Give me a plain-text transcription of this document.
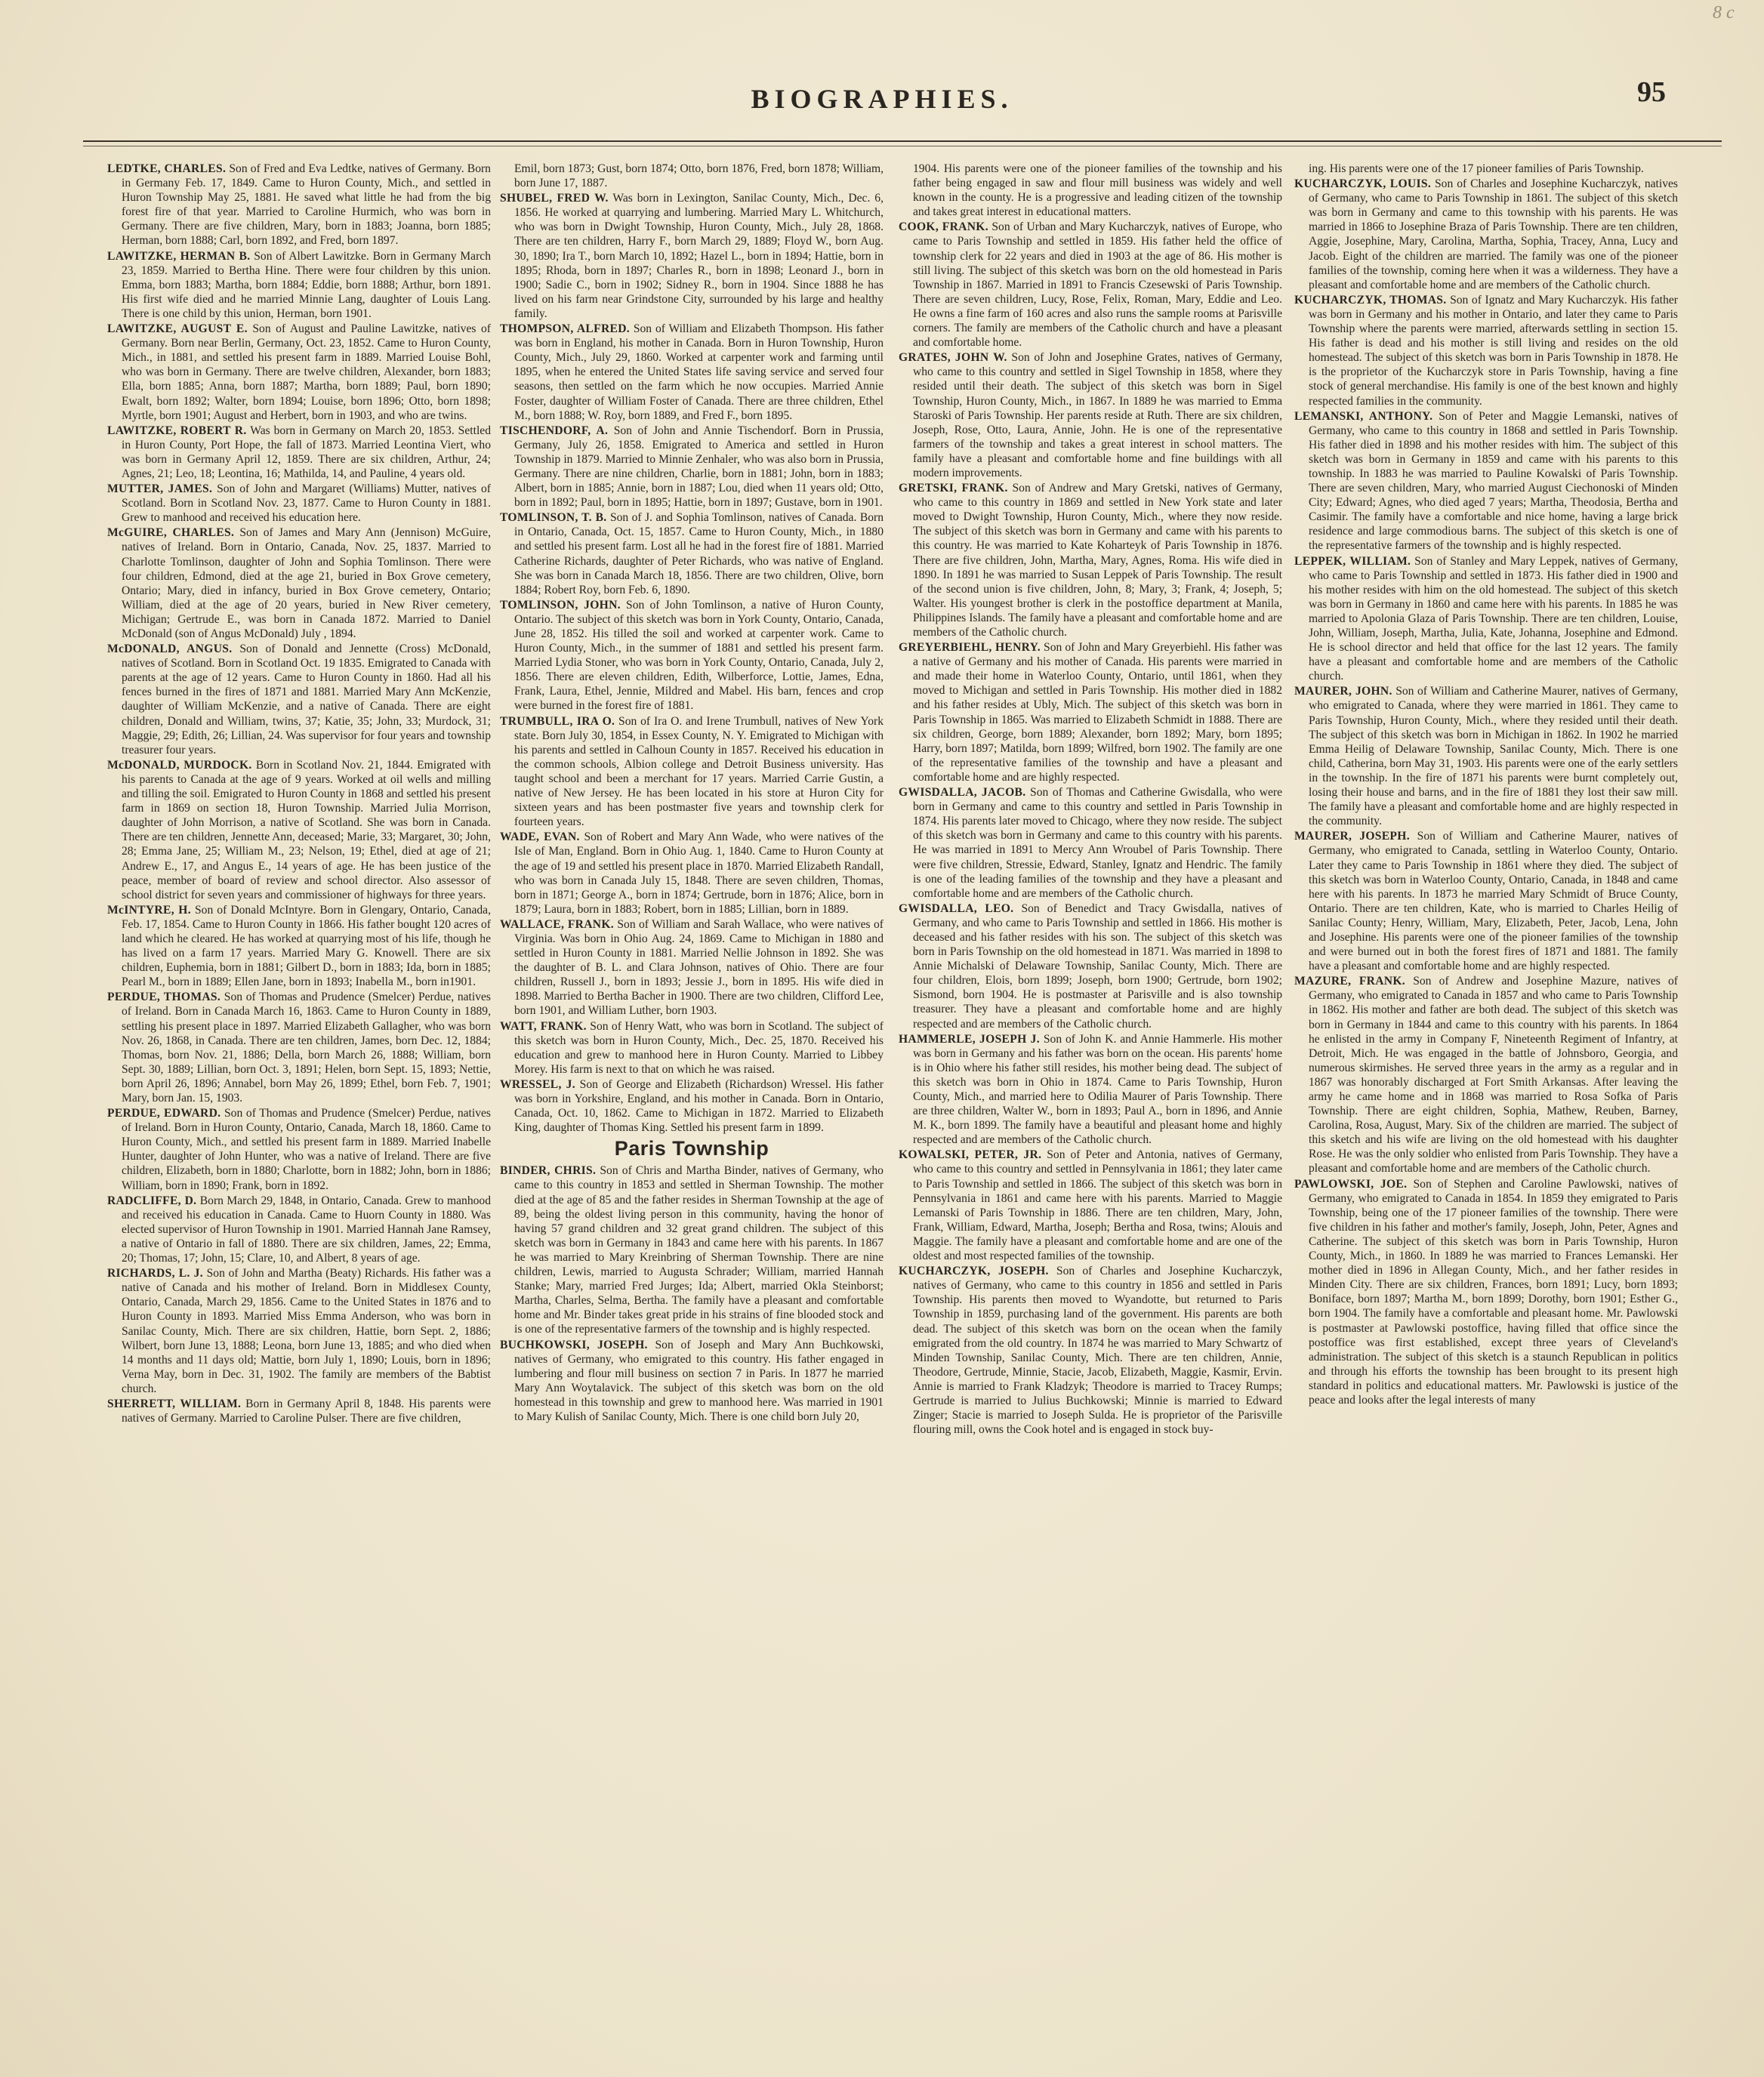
8 c
BIOGRAPHIES.	95
LEDTKE, CHARLES. Son of Fred and Eva Ledtke, natives of Germany. Born in Germany Feb. 17, 1849. Came to Huron County, Mich., and settled in Huron Township May 25, 1881. He saved what little he had from the big forest fire of that year. Married to Caroline Hurmich, who was born in Germany. There are five children, Mary, born in 1883; Joanna, born 1885; Herman, born 1888; Carl, born 1892, and Fred, born 1897.
LAWITZKE, HERMAN B. Son of Albert Lawitzke. Born in Germany March 23, 1859. Married to Bertha Hine. There were four children by this union. Emma, born 1883; Martha, born 1884; Eddie, born 1888; Arthur, born 1891. His first wife died and he married Minnie Lang, daughter of Louis Lang. There is one child by this union, Herman, born 1901.
LAWITZKE, AUGUST E. Son of August and Pauline Lawitzke, natives of Germany. Born near Berlin, Germany, Oct. 23, 1852. Came to Huron County, Mich., in 1881, and settled his present farm in 1889. Married Louise Bohl, who was born in Germany. There are twelve children, Alexander, born 1883; Ella, born 1885; Anna, born 1887; Martha, born 1889; Paul, born 1890; Ewalt, born 1892; Walter, born 1894; Louise, born 1896; Otto, born 1898; Myrtle, born 1901; August and Herbert, born in 1903, and who are twins.
LAWITZKE, ROBERT R. Was born in Germany on March 20, 1853. Settled in Huron County, Port Hope, the fall of 1873. Married Leontina Viert, who was born in Germany April 12, 1859. There are six children, Arthur, 24; Agnes, 21; Leo, 18; Leontina, 16; Mathilda, 14, and Pauline, 4 years old.
MUTTER, JAMES. Son of John and Margaret (Williams) Mutter, natives of Scotland. Born in Scotland Nov. 23, 1877. Came to Huron County in 1881. Grew to manhood and received his education here.
McGUIRE, CHARLES. Son of James and Mary Ann (Jennison) McGuire, natives of Ireland. Born in Ontario, Canada, Nov. 25, 1837. Married to Charlotte Tomlinson, daughter of John and Sophia Tomlinson. There were four children, Edmond, died at the age 21, buried in Box Grove cemetery, Ontario; Mary, died in infancy, buried in Box Grove cemetery, Ontario; William, died at the age of 20 years, buried in New River cemetery, Michigan; Gertrude E., was born in Canada 1872. Married to Daniel McDonald (son of Angus McDonald) July , 1894.
McDONALD, ANGUS. Son of Donald and Jennette (Cross) McDonald, natives of Scotland. Born in Scotland Oct. 19 1835. Emigrated to Canada with parents at the age of 12 years. Came to Huron County in 1860. Had all his fences burned in the fires of 1871 and 1881. Married Mary Ann McKenzie, daughter of William McKenzie, and a native of Canada. There are eight children, Donald and William, twins, 37; Katie, 35; John, 33; Murdock, 31; Maggie, 29; Edith, 26; Lillian, 24. Was supervisor for four years and township treasurer four years.
McDONALD, MURDOCK. Born in Scotland Nov. 21, 1844. Emigrated with his parents to Canada at the age of 9 years. Worked at oil wells and milling and tilling the soil. Emigrated to Huron County in 1868 and settled his present farm in 1869 on section 18, Huron Township. Married Julia Morrison, daughter of John Morrison, a native of Scotland. She was born in Canada. There are ten children, Jennette Ann, deceased; Marie, 33; Margaret, 30; John, 28; Emma Jane, 25; William M., 23; Nelson, 19; Ethel, died at age of 21; Andrew E., 17, and Angus E., 14 years of age. He has been justice of the peace, member of board of review and school director. Also assessor of school district for seven years and commissioner of highways for three years.
McINTYRE, H. Son of Donald McIntyre. Born in Glengary, Ontario, Canada, Feb. 17, 1854. Came to Huron County in 1866. His father bought 120 acres of land which he cleared. He has worked at quarrying most of his life, though he has lived on a farm 17 years. Married Mary G. Knowell. There are six children, Euphemia, born in 1881; Gilbert D., born in 1883; Ida, born in 1885; Pearl M., born in 1889; Ellen Jane, born in 1893; Inabella M., born in1901.
PERDUE, THOMAS. Son of Thomas and Prudence (Smelcer) Perdue, natives of Ireland. Born in Canada March 16, 1863. Came to Huron County in 1889, settling his present place in 1897. Married Elizabeth Gallagher, who was born Nov. 26, 1868, in Canada. There are ten children, James, born Dec. 12, 1884; Thomas, born Nov. 21, 1886; Della, born March 26, 1888; William, born Sept. 30, 1889; Lillian, born Oct. 3, 1891; Helen, born Sept. 15, 1893; Nettie, born April 26, 1896; Annabel, born May 26, 1899; Ethel, born Feb. 7, 1901; Mary, born Jan. 15, 1903.
PERDUE, EDWARD. Son of Thomas and Prudence (Smelcer) Perdue, natives of Ireland. Born in Huron County, Ontario, Canada, March 18, 1860. Came to Huron County, Mich., and settled his present farm in 1889. Married Inabelle Hunter, daughter of John Hunter, who was a native of Ireland. There are five children, Elizabeth, born in 1880; Charlotte, born in 1882; John, born in 1886; William, born in 1890; Frank, born in 1892.
RADCLIFFE, D. Born March 29, 1848, in Ontario, Canada. Grew to manhood and received his education in Canada. Came to Huorn County in 1880. Was elected supervisor of Huron Township in 1901. Married Hannah Jane Ramsey, a native of Ontario in fall of 1880. There are six children, James, 22; Emma, 20; Thomas, 17; John, 15; Clare, 10, and Albert, 8 years of age.
RICHARDS, L. J. Son of John and Martha (Beaty) Richards. His father was a native of Canada and his mother of Ireland. Born in Middlesex County, Ontario, Canada, March 29, 1856. Came to the United States in 1876 and to Huron County in 1893. Married Miss Emma Anderson, who was born in Sanilac County, Mich. There are six children, Hattie, born Sept. 2, 1886; Wilbert, born June 13, 1888; Leona, born June 13, 1885; and who died when 14 months and 11 days old; Mattie, born July 1, 1890; Louis, born in 1896; Verna May, born in Dec. 31, 1902. The family are members of the Babtist church.
SHERRETT, WILLIAM. Born in Germany April 8, 1848. His parents were natives of Germany. Married to Caroline Pulser. There are five children,
Emil, born 1873; Gust, born 1874; Otto, born 1876, Fred, born 1878; William, born June 17, 1887.
SHUBEL, FRED W. Was born in Lexington, Sanilac County, Mich., Dec. 6, 1856. He worked at quarrying and lumbering. Married Mary L. Whitchurch, who was born in Dwight Township, Huron County, Mich., July 28, 1868. There are ten children, Harry F., born March 29, 1889; Floyd W., born Aug. 30, 1890; Ira T., born March 10, 1892; Hazel L., born in 1894; Hattie, born in 1895; Rhoda, born in 1897; Charles R., born in 1898; Leonard J., born in 1900; Sadie C., born in 1902; Sidney R., born in 1904. Since 1888 he has lived on his farm near Grindstone City, surrounded by his large and healthy family.
THOMPSON, ALFRED. Son of William and Elizabeth Thompson. His father was born in England, his mother in Canada. Born in Huron Township, Huron County, Mich., July 29, 1860. Worked at carpenter work and farming until 1895, when he entered the United States life saving service and served four seasons, then settled on the farm which he now occupies. Married Annie Foster, daughter of William Foster of Canada. There are three children, Ethel M., born 1888; W. Roy, born 1889, and Fred F., born 1895.
TISCHENDORF, A. Son of John and Annie Tischendorf. Born in Prussia, Germany, July 26, 1858. Emigrated to America and settled in Huron Township in 1879. Married to Minnie Zenhaler, who was also born in Prussia, Germany. There are nine children, Charlie, born in 1881; John, born in 1883; Albert, born in 1885; Annie, born in 1887; Lou, died when 11 years old; Otto, born in 1892; Paul, born in 1895; Hattie, born in 1897; Gustave, born in 1901.
TOMLINSON, T. B. Son of J. and Sophia Tomlinson, natives of Canada. Born in Ontario, Canada, Oct. 15, 1857. Came to Huron County, Mich., in 1880 and settled his present farm. Lost all he had in the forest fire of 1881. Married Catherine Richards, daughter of Peter Richards, who was native of England. She was born in Canada March 18, 1856. There are two children, Olive, born 1884; Robert Roy, born Feb. 6, 1890.
TOMLINSON, JOHN. Son of John Tomlinson, a native of Huron County, Ontario. The subject of this sketch was born in York County, Ontario, Canada, June 28, 1852. His tilled the soil and worked at carpenter work. Came to Huron County, Mich., in the summer of 1881 and settled his present farm. Married Lydia Stoner, who was born in York County, Ontario, Canada, July 2, 1856. There are eleven children, Edith, Wilberforce, Lottie, James, Edna, Frank, Laura, Ethel, Jennie, Mildred and Mabel. His barn, fences and crop were burned in the forest fire of 1881.
TRUMBULL, IRA O. Son of Ira O. and Irene Trumbull, natives of New York state. Born July 30, 1854, in Essex County, N. Y. Emigrated to Michigan with his parents and settled in Calhoun County in 1857. Received his education in the common schools, Albion college and Detroit Business university. Has taught school and been a merchant for 17 years. Married Carrie Gustin, a native of New Jersey. He has been located in his store at Huron City for sixteen years and has been postmaster five years and township clerk for fourteen years.
WADE, EVAN. Son of Robert and Mary Ann Wade, who were natives of the Isle of Man, England. Born in Ohio Aug. 1, 1840. Came to Huron County at the age of 19 and settled his present place in 1870. Married Elizabeth Randall, who was born in Canada July 15, 1848. There are seven children, Thomas, born in 1871; George A., born in 1874; Gertrude, born in 1876; Alice, born in 1879; Laura, born in 1883; Robert, born in 1885; Lillian, born in 1889.
WALLACE, FRANK. Son of William and Sarah Wallace, who were natives of Virginia. Was born in Ohio Aug. 24, 1869. Came to Michigan in 1880 and settled in Huron County in 1881. Married Nellie Johnson in 1892. She was the daughter of B. L. and Clara Johnson, natives of Ohio. There are four children, Russell J., born in 1893; Jessie J., born in 1895. His wife died in 1898. Married to Bertha Bacher in 1900. There are two children, Clifford Lee, born 1901, and William Luther, born 1903.
WATT, FRANK. Son of Henry Watt, who was born in Scotland. The subject of this sketch was born in Huron County, Mich., Dec. 25, 1870. Received his education and grew to manhood here in Huron County. Married to Libbey Morey. His farm is next to that on which he was raised.
WRESSEL, J. Son of George and Elizabeth (Richardson) Wressel. His father was born in Yorkshire, England, and his mother in Canada. Born in Ontario, Canada, Oct. 10, 1862. Came to Michigan in 1872. Married to Elizabeth King, daughter of Thomas King. Settled his present farm in 1899.
Paris Township
BINDER, CHRIS. Son of Chris and Martha Binder, natives of Germany, who came to this country in 1853 and settled in Sherman Township. The mother died at the age of 85 and the father resides in Sherman Township at the age of 89, being the oldest living person in this community, having the honor of having 57 grand children and 32 great grand children. The subject of this sketch was born in Germany in 1843 and came here with his parents. In 1867 he was married to Mary Kreinbring of Sherman Township. There are nine children, Lewis, married to Augusta Schrader; William, married Hannah Stanke; Mary, married Fred Jurges; Ida; Albert, married Okla Steinborst; Martha, Charles, Selma, Bertha. The family have a pleasant and comfortable home and Mr. Binder takes great pride in his strains of fine blooded stock and is one of the representative farmers of the township and is highly respected.
BUCHKOWSKI, JOSEPH. Son of Joseph and Mary Ann Buchkowski, natives of Germany, who emigrated to this country. His father engaged in lumbering and flour mill business on section 7 in Paris. In 1877 he married Mary Ann Woytalavick. The subject of this sketch was born on the old homestead in this township and grew to manhood here. Was married in 1901 to Mary Kulish of Sanilac County, Mich. There is one child born July 20,
1904. His parents were one of the pioneer families of the township and his father being engaged in saw and flour mill business was widely and well known in the county. He is a progressive and leading citizen of the township and takes great interest in educational matters.
COOK, FRANK. Son of Urban and Mary Kucharczyk, natives of Europe, who came to Paris Township and settled in 1859. His father held the office of township clerk for 22 years and died in 1903 at the age of 86. His mother is still living. The subject of this sketch was born on the old homestead in Paris Township in 1867. Married in 1891 to Francis Czesewski of Paris Township. There are seven children, Lucy, Rose, Felix, Roman, Mary, Eddie and Leo. He owns a fine farm of 160 acres and also runs the sample rooms at Parisville corners. The family are members of the Catholic church and have a pleasant and comfortable home.
GRATES, JOHN W. Son of John and Josephine Grates, natives of Germany, who came to this country and settled in Sigel Township in 1858, where they resided until their death. The subject of this sketch was born in Sigel Township, Huron County, Mich., in 1867. In 1889 he was married to Emma Staroski of Paris Township. Her parents reside at Ruth. There are six children, Joseph, Rose, Otto, Laura, Annie, John. He is one of the representative farmers of the township and takes a great interest in school matters. The family have a pleasant and comfortable home and fine buildings with all modern improvements.
GRETSKI, FRANK. Son of Andrew and Mary Gretski, natives of Germany, who came to this country in 1869 and settled in New York state and later moved to Dwight Township, Huron County, Mich., where they now reside. The subject of this sketch was born in Germany and came with his parents to this country. He was married to Kate Koharteyk of Paris Township in 1876. There are five children, John, Martha, Mary, Agnes, Roma. His wife died in 1890. In 1891 he was married to Susan Leppek of Paris Township. The result of the second union is five children, John, 8; Mary, 3; Frank, 4; Joseph, 5; Walter. His youngest brother is clerk in the postoffice department at Manila, Philippines Islands. The family have a pleasant and comfortable home and are members of the Catholic church.
GREYERBIEHL, HENRY. Son of John and Mary Greyerbiehl. His father was a native of Germany and his mother of Canada. His parents were married in and made their home in Waterloo County, Ontario, until 1861, when they moved to Michigan and settled in Paris Township. His mother died in 1882 and his father resides at Ubly, Mich. The subject of this sketch was born in Paris Township in 1865. Was married to Elizabeth Schmidt in 1888. There are six children, George, born 1889; Alexander, born 1892; Mary, born 1895; Harry, born 1897; Matilda, born 1899; Wilfred, born 1902. The family are one of the representative families of the township and have a pleasant and comfortable home and are highly respected.
GWISDALLA, JACOB. Son of Thomas and Catherine Gwisdalla, who were born in Germany and came to this country and settled in Paris Township in 1874. His parents later moved to Chicago, where they now reside. The subject of this sketch was born in Germany and came to this country with his parents. He was married in 1891 to Mercy Ann Wroubel of Paris Township. There were five children, Stressie, Edward, Stanley, Ignatz and Hendric. The family is one of the leading families of the township and they have a pleasant and comfortable home and are members of the Catholic church.
GWISDALLA, LEO. Son of Benedict and Tracy Gwisdalla, natives of Germany, and who came to Paris Township and settled in 1866. His mother is deceased and his father resides with his son. The subject of this sketch was born in Paris Township on the old homestead in 1871. Was married in 1898 to Annie Michalski of Delaware Township, Sanilac County, Mich. There are four children, Elois, born 1899; Joseph, born 1900; Gertrude, born 1902; Sismond, born 1904. He is postmaster at Parisville and is also township treasurer. They have a pleasant and comfortable home and are highly respected and are members of the Catholic church.
HAMMERLE, JOSEPH J. Son of John K. and Annie Hammerle. His mother was born in Germany and his father was born on the ocean. His parents' home is in Ohio where his father still resides, his mother being dead. The subject of this sketch was born in Ohio in 1874. Came to Paris Township, Huron County, Mich., and married here to Odilia Maurer of Paris Township. There are three children, Walter W., born in 1893; Paul A., born in 1896, and Annie M. K., born 1899. The family have a beautiful and pleasant home and highly respected and are members of the Catholic church.
KOWALSKI, PETER, JR. Son of Peter and Antonia, natives of Germany, who came to this country and settled in Pennsylvania in 1861; they later came to Paris Township and settled in 1866. The subject of this sketch was born in Pennsylvania in 1861 and came here with his parents. Married to Maggie Lemanski of Paris Township in 1886. There are ten children, Mary, John, Frank, William, Edward, Martha, Joseph; Bertha and Rosa, twins; Alouis and Maggie. The family have a pleasant and comfortable home and are one of the oldest and most respected families of the township.
KUCHARCZYK, JOSEPH. Son of Charles and Josephine Kucharczyk, natives of Germany, who came to this country in 1856 and settled in Paris Township. His parents then moved to Wyandotte, but returned to Paris Township in 1859, purchasing land of the government. His parents are both dead. The subject of this sketch was born on the ocean when the family emigrated from the old country. In 1874 he was married to Mary Schwartz of Minden Township, Sanilac County, Mich. There are ten children, Annie, Theodore, Gertrude, Minnie, Stacie, Jacob, Elizabeth, Maggie, Kasmir, Ervin. Annie is married to Frank Kladzyk; Theodore is married to Tracey Rumps; Gertrude is married to Julius Buchkowski; Minnie is married to Edward Zinger; Stacie is married to Joseph Sulda. He is proprietor of the Parisville flouring mill, owns the Cook hotel and is engaged in stock buy-
ing. His parents were one of the 17 pioneer families of Paris Township.
KUCHARCZYK, LOUIS. Son of Charles and Josephine Kucharczyk, natives of Germany, who came to Paris Township in 1861. The subject of this sketch was born in Germany and came to this township with his parents. He was married in 1866 to Josephine Braza of Paris Township. There are ten children, Aggie, Josephine, Mary, Carolina, Martha, Sophia, Tracey, Anna, Lucy and Jacob. Eight of the children are married. The family was one of the pioneer families of the township, coming here when it was a wilderness. They have a pleasant and comfortable home and are members of the Catholic church.
KUCHARCZYK, THOMAS. Son of Ignatz and Mary Kucharczyk. His father was born in Germany and his mother in Ontario, and later they came to Paris Township where the parents were married, afterwards settling in section 15. His father is dead and his mother is still living and resides on the old homestead. The subject of this sketch was born in Paris Township in 1878. He is the proprietor of the Kucharczyk store in Paris Township, having a fine stock of general merchandise. His family is one of the best known and highly respected families in the community.
LEMANSKI, ANTHONY. Son of Peter and Maggie Lemanski, natives of Germany, who came to this country in 1868 and settled in Paris Township. His father died in 1898 and his mother resides with him. The subject of this sketch was born in Germany in 1859 and came with his parents to this township. In 1883 he was married to Pauline Kowalski of Paris Township. There are seven children, Mary, who married August Ciechonoski of Minden City; Edward; Agnes, who died aged 7 years; Martha, Theodosia, Bertha and Casimir. The family have a comfortable and nice home, having a large brick residence and large commodious barns. The subject of this sketch is one of the representative farmers of the township and is highly respected.
LEPPEK, WILLIAM. Son of Stanley and Mary Leppek, natives of Germany, who came to Paris Township and settled in 1873. His father died in 1900 and his mother resides with him on the old homestead. The subject of this sketch was born in Germany in 1860 and came here with his parents. In 1885 he was married to Apolonia Glaza of Paris Township. There are ten children, Louise, John, William, Joseph, Martha, Julia, Kate, Johanna, Josephine and Edmond. He is school director and held that office for the last 12 years. The family have a pleasant and comfortable home and are members of the Catholic church.
MAURER, JOHN. Son of William and Catherine Maurer, natives of Germany, who emigrated to Canada, where they were married in 1861. They came to Paris Township, Huron County, Mich., where they resided until their death. The subject of this sketch was born in Michigan in 1862. In 1902 he married Emma Heilig of Delaware Township, Sanilac County, Mich. There is one child, Catherina, born May 31, 1903. His parents were one of the early settlers in the township. In the fire of 1871 his parents were burnt completely out, losing their house and barns, and in the fire of 1881 they lost their saw mill. The family have a pleasant and comfortable home and are highly respected in the community.
MAURER, JOSEPH. Son of William and Catherine Maurer, natives of Germany, who emigrated to Canada, settling in Waterloo County, Ontario. Later they came to Paris Township in 1861 where they died. The subject of this sketch was born in Waterloo County, Ontario, Canada, in 1848 and came here with his parents. In 1873 he married Mary Schmidt of Bruce County, Ontario. There are ten children, Kate, who is married to Charles Heilig of Sanilac County; Henry, William, Mary, Elizabeth, Peter, Jacob, Lena, John and Josephine. His parents were one of the pioneer families of the township and were burned out in both the forest fires of 1871 and 1881. The family have a pleasant and comfortable home and are highly respected.
MAZURE, FRANK. Son of Andrew and Josephine Mazure, natives of Germany, who emigrated to Canada in 1857 and who came to Paris Township in 1862. His mother and father are both dead. The subject of this sketch was born in Germany in 1844 and came to this country with his parents. In 1864 he enlisted in the army in Company F, Nineteenth Regiment of Infantry, at Detroit, Mich. He was engaged in the battle of Johnsboro, Georgia, and numerous skirmishes. He served three years in the army as a regular and in 1867 was honorably discharged at Fort Smith Arkansas. After leaving the army he came home and in 1868 was married to Rosa Sofka of Paris Township. There are eight children, Sophia, Mathew, Reuben, Barney, Carolina, Rosa, August, Mary. Six of the children are married. The subject of this sketch and his wife are living on the old homestead with his daughter Rose. He was the only soldier who enlisted from Paris Township. They have a pleasant and comfortable home and are members of the Catholic church.
PAWLOWSKI, JOE. Son of Stephen and Caroline Pawlowski, natives of Germany, who emigrated to Canada in 1854. In 1859 they emigrated to Paris Township, being one of the 17 pioneer families of the township. There were five children in his father and mother's family, Joseph, John, Peter, Agnes and Catherine. The subject of this sketch was born in Paris Township, Huron County, Mich., in 1860. In 1889 he was married to Frances Lemanski. Her mother died in 1896 in Allegan County, Mich., and her father resides in Minden City. There are six children, Frances, born 1891; Lucy, born 1893; Boniface, born 1897; Martha M., born 1899; Dorothy, born 1901; Esther G., born 1904. The family have a comfortable and pleasant home. Mr. Pawlowski is postmaster at Pawlowski postoffice, having filled that office since the postoffice was first established, except three years of Cleveland's administration. The subject of this sketch is a staunch Republican in politics and through his efforts the township has been brought to its present high standard in politics and educational matters. Mr. Pawlowski is justice of the peace and looks after the legal interests of many
